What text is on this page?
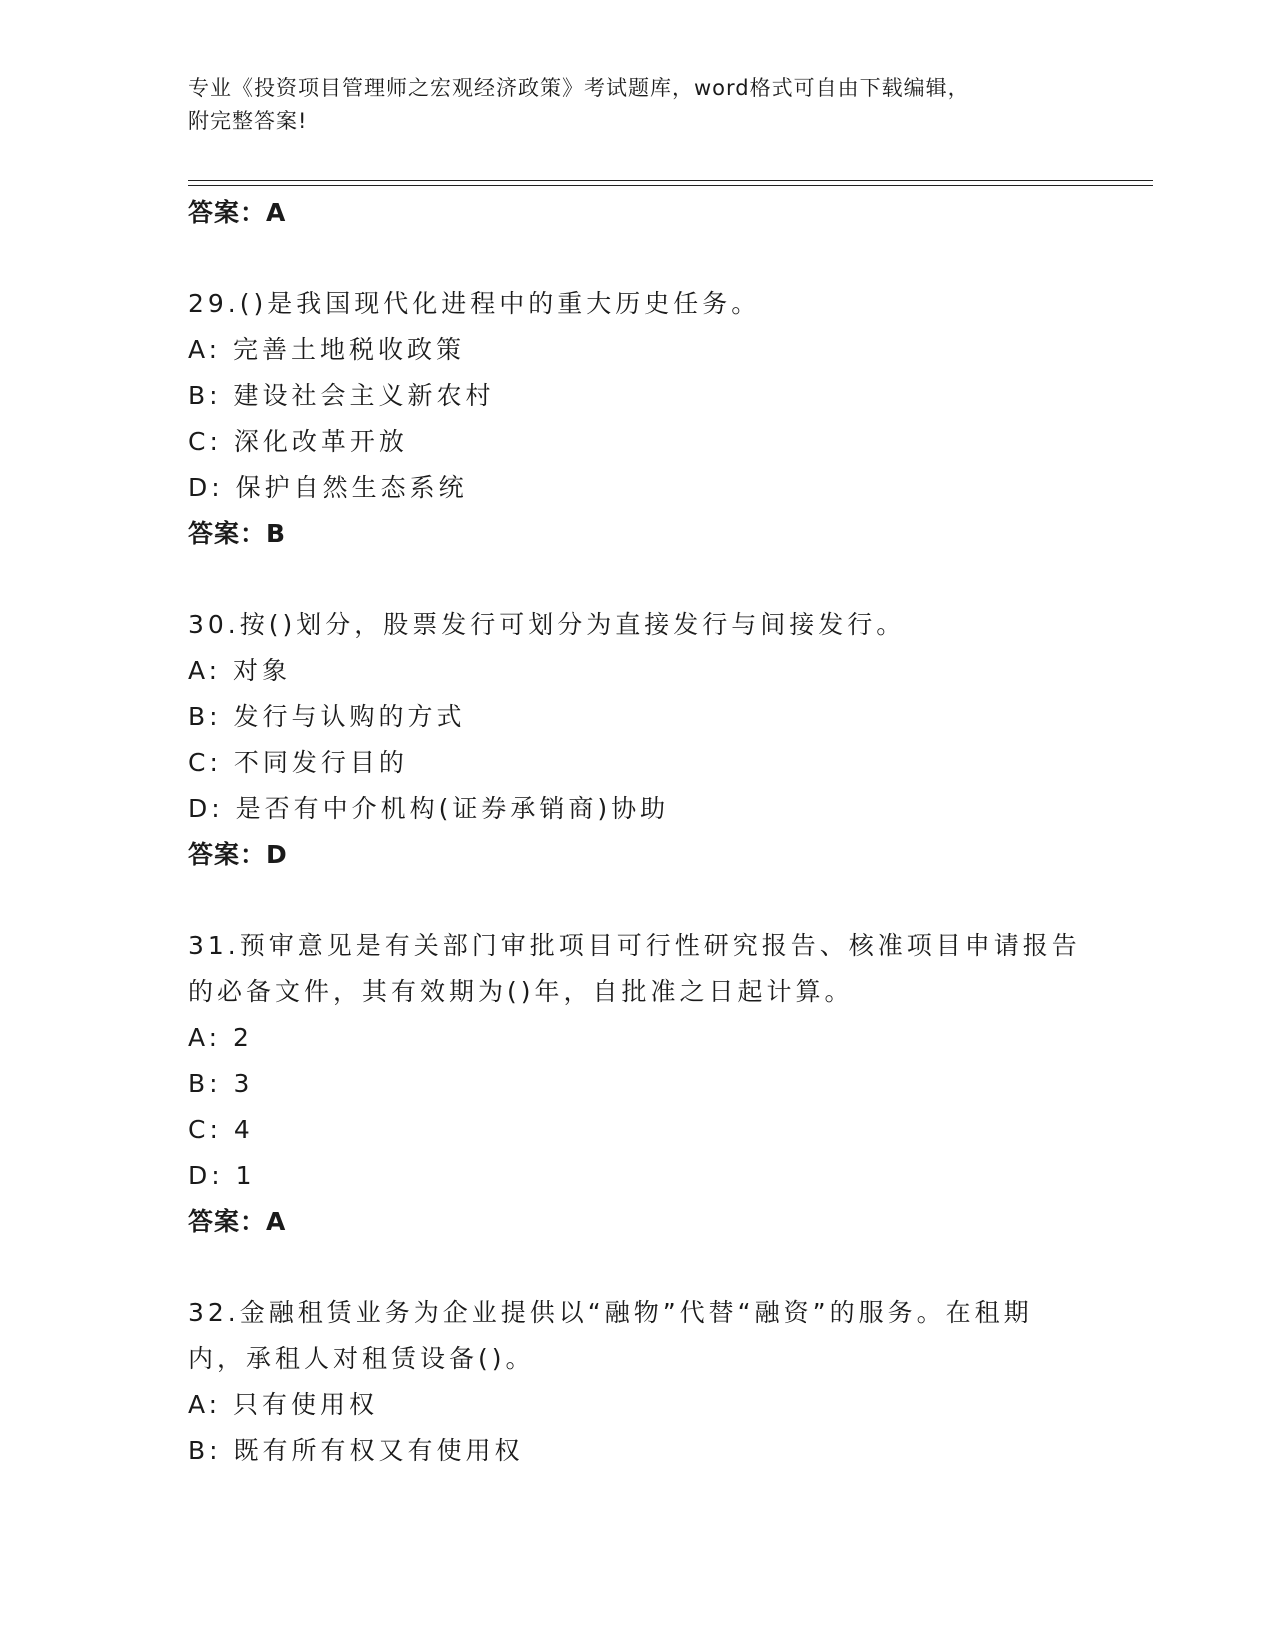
专业《投资项目管理师之宏观经济政策》考试题库，word格式可自由下载编辑，
附完整答案!
答案：A
29.()是我国现代化进程中的重大历史任务。
A: 完善土地税收政策
B: 建设社会主义新农村
C: 深化改革开放
D: 保护自然生态系统
答案：B
30.按()划分，股票发行可划分为直接发行与间接发行。
A: 对象
B: 发行与认购的方式
C: 不同发行目的
D: 是否有中介机构(证券承销商)协助
答案：D
31.预审意见是有关部门审批项目可行性研究报告、核准项目申请报告
的必备文件，其有效期为()年，自批准之日起计算。
A: 2
B: 3
C: 4
D: 1
答案：A
32.金融租赁业务为企业提供以“融物”代替“融资”的服务。在租期
内，承租人对租赁设备()。
A: 只有使用权
B: 既有所有权又有使用权
